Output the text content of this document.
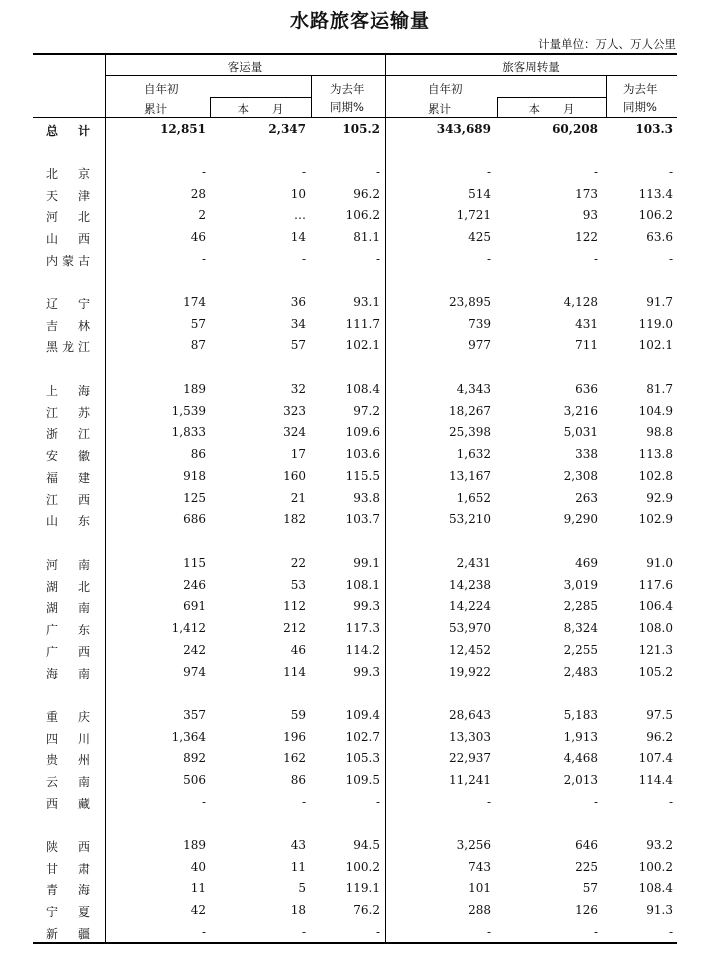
水路旅客运输量
计量单位：万人、万人公里
客运量	旅客周转量
自年初
累计	本　　月
为去年
同期%
自年初
累计	本　　月
为去年
同期%
总 计	12,851	2,347	105.2	343,689	60,208	103.3
北 京	-	-	-	-	-	-
天 津	28	10	96.2	514	173	113.4
河 北	2	…	106.2	1,721	93	106.2
山 西	46	14	81.1	425	122	63.6
内 蒙 古	-	-	-	-	-	-
辽 宁	174	36	93.1	23,895	4,128	91.7
吉 林	57	34	111.7	739	431	119.0
黑 龙 江	87	57	102.1	977	711	102.1
上 海	189	32	108.4	4,343	636	81.7
江 苏	1,539	323	97.2	18,267	3,216	104.9
浙 江	1,833	324	109.6	25,398	5,031	98.8
安 徽	86	17	103.6	1,632	338	113.8
福 建	918	160	115.5	13,167	2,308	102.8
江 西	125	21	93.8	1,652	263	92.9
山 东	686	182	103.7	53,210	9,290	102.9
河 南	115	22	99.1	2,431	469	91.0
湖 北	246	53	108.1	14,238	3,019	117.6
湖 南	691	112	99.3	14,224	2,285	106.4
广 东	1,412	212	117.3	53,970	8,324	108.0
广 西	242	46	114.2	12,452	2,255	121.3
海 南	974	114	99.3	19,922	2,483	105.2
重 庆	357	59	109.4	28,643	5,183	97.5
四 川	1,364	196	102.7	13,303	1,913	96.2
贵 州	892	162	105.3	22,937	4,468	107.4
云 南	506	86	109.5	11,241	2,013	114.4
西 藏	-	-	-	-	-	-
陕 西	189	43	94.5	3,256	646	93.2
甘 肃	40	11	100.2	743	225	100.2
青 海	11	5	119.1	101	57	108.4
宁 夏	42	18	76.2	288	126	91.3
新 疆	-	-	-	-	-	-
